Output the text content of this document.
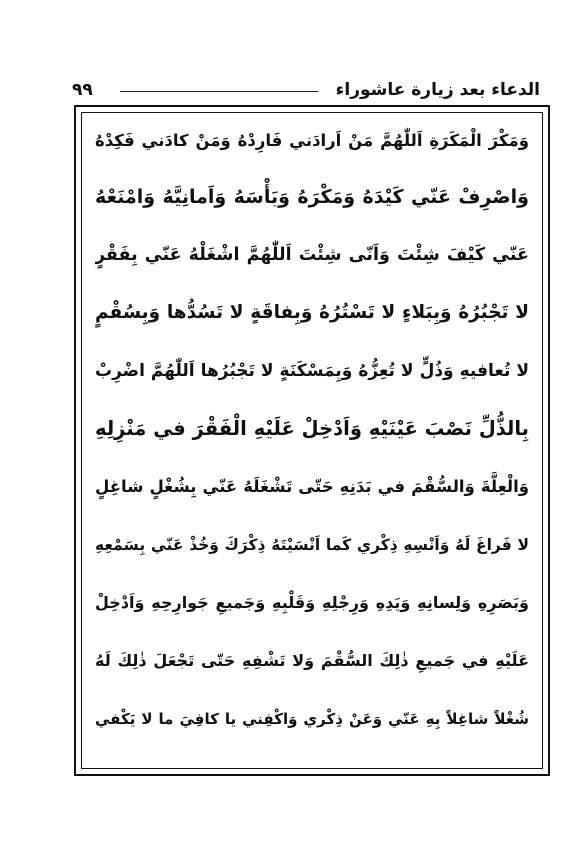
الدعاء بعد زيارة عاشوراء
٩٩
وَمَكْرَ الْمَكَرَةِ اَللّٰهُمَّ مَنْ اَرادَني فَارِدْهُ وَمَنْ كادَني فَكِدْهُ
وَاصْرِفْ عَنّي كَيْدَهُ وَمَكْرَهُ وَبَأْسَهُ وَاَمانِيَّهُ وَامْنَعْهُ
عَنّي كَيْفَ شِئْتَ وَاَنّى شِئْتَ اَللّٰهُمَّ اشْغَلْهُ عَنّي بِفَقْرٍ
لا تَجْبُرُهُ وَبِبَلاءٍ لا تَسْتُرُهُ وَبِفاقَةٍ لا تَسُدُّها وَبِسُقْمٍ
لا تُعافيهِ وَذُلٍّ لا تُعِزُّهُ وَبِمَسْكَنَةٍ لا تَجْبُرُها اَللّٰهُمَّ اضْرِبْ
بِالذُّلِّ نَصْبَ عَيْنَيْهِ وَاَدْخِلْ عَلَيْهِ الْفَقْرَ في مَنْزِلِهِ
وَالْعِلَّةَ وَالسُّقْمَ في بَدَنِهِ حَتّى تَشْغَلَهُ عَنّي بِشُغْلٍ شاغِلٍ
لا فَراغَ لَهُ وَاَنْسِهِ ذِكْري كَما اَنْسَيْتَهُ ذِكْرَكَ وَخُذْ عَنّي بِسَمْعِهِ
وَبَصَرِهِ وَلِسانِهِ وَيَدِهِ وَرِجْلِهِ وَقَلْبِهِ وَجَميعِ جَوارِحِهِ وَاَدْخِلْ
عَلَيْهِ في جَميعِ ذٰلِكَ السُّقْمَ وَلا تَشْفِهِ حَتّى تَجْعَلَ ذٰلِكَ لَهُ
شُغْلاً شاغِلاً بِهِ عَنّي وَعَنْ ذِكْري وَاكْفِني يا كافِيَ ما لا يَكْفي
